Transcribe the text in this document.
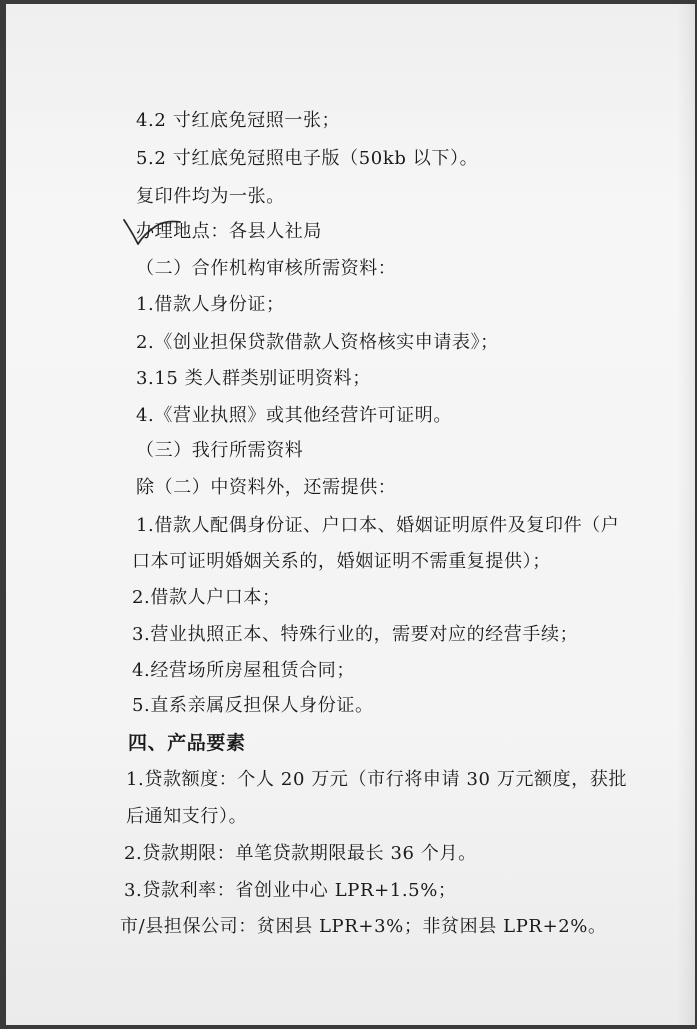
4.2 寸红底免冠照一张；
5.2 寸红底免冠照电子版（50kb 以下）。
复印件均为一张。
办理地点：各县人社局
（二）合作机构审核所需资料：
1.借款人身份证；
2.《创业担保贷款借款人资格核实申请表》；
3.15 类人群类别证明资料；
4.《营业执照》或其他经营许可证明。
（三）我行所需资料
除（二）中资料外，还需提供：
1.借款人配偶身份证、户口本、婚姻证明原件及复印件（户
口本可证明婚姻关系的，婚姻证明不需重复提供）；
2.借款人户口本；
3.营业执照正本、特殊行业的，需要对应的经营手续；
4.经营场所房屋租赁合同；
5.直系亲属反担保人身份证。
四、产品要素
1.贷款额度：个人 20 万元（市行将申请 30 万元额度，获批
后通知支行）。
2.贷款期限：单笔贷款期限最长 36 个月。
3.贷款利率：省创业中心 LPR+1.5%；
市/县担保公司：贫困县 LPR+3%；非贫困县 LPR+2%。
